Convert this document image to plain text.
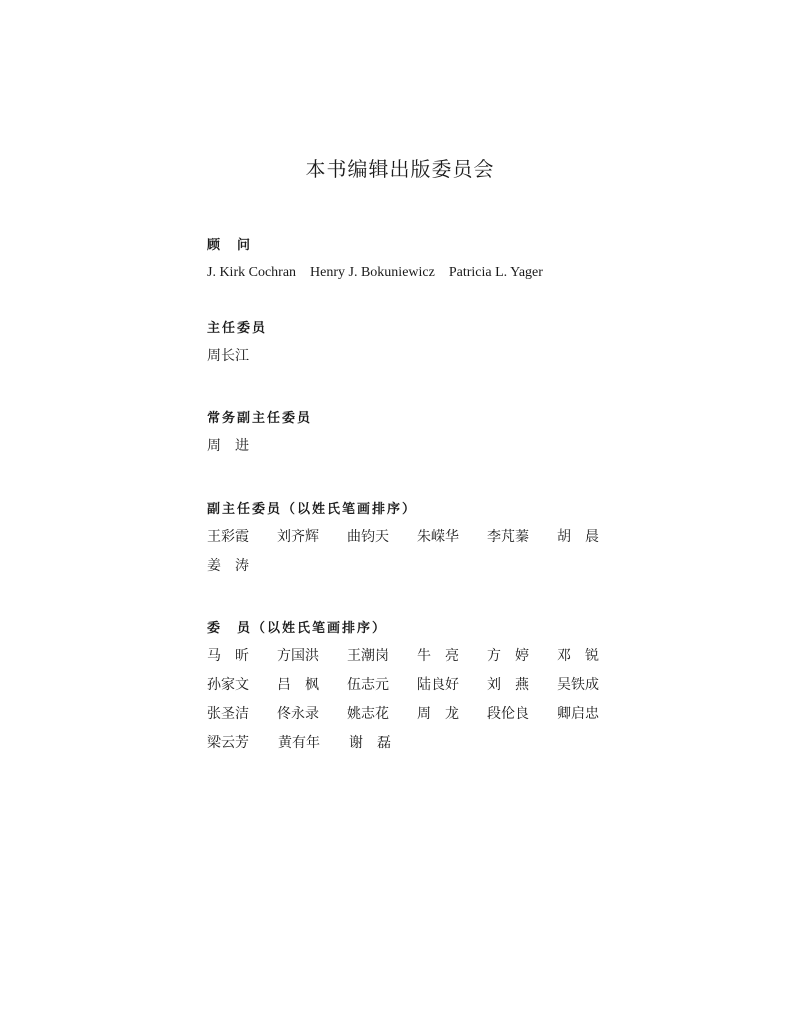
本书编辑出版委员会
顾　问
J. Kirk Cochran　Henry J. Bokuniewicz　Patricia L. Yager
主任委员
周长江
常务副主任委员
周　进
副主任委员（以姓氏笔画排序）
王彩霞	刘齐辉	曲钧天	朱嵘华	李芃蓁	胡　晨
姜　涛
委　员（以姓氏笔画排序）
马　昕	方国洪	王潮岗	牛　亮	方　婷	邓　锐
孙家文	吕　枫	伍志元	陆良好	刘　燕	吴铁成
张圣洁	佟永录	姚志花	周　龙	段伦良	卿启忠
梁云芳	黄有年	谢　磊
